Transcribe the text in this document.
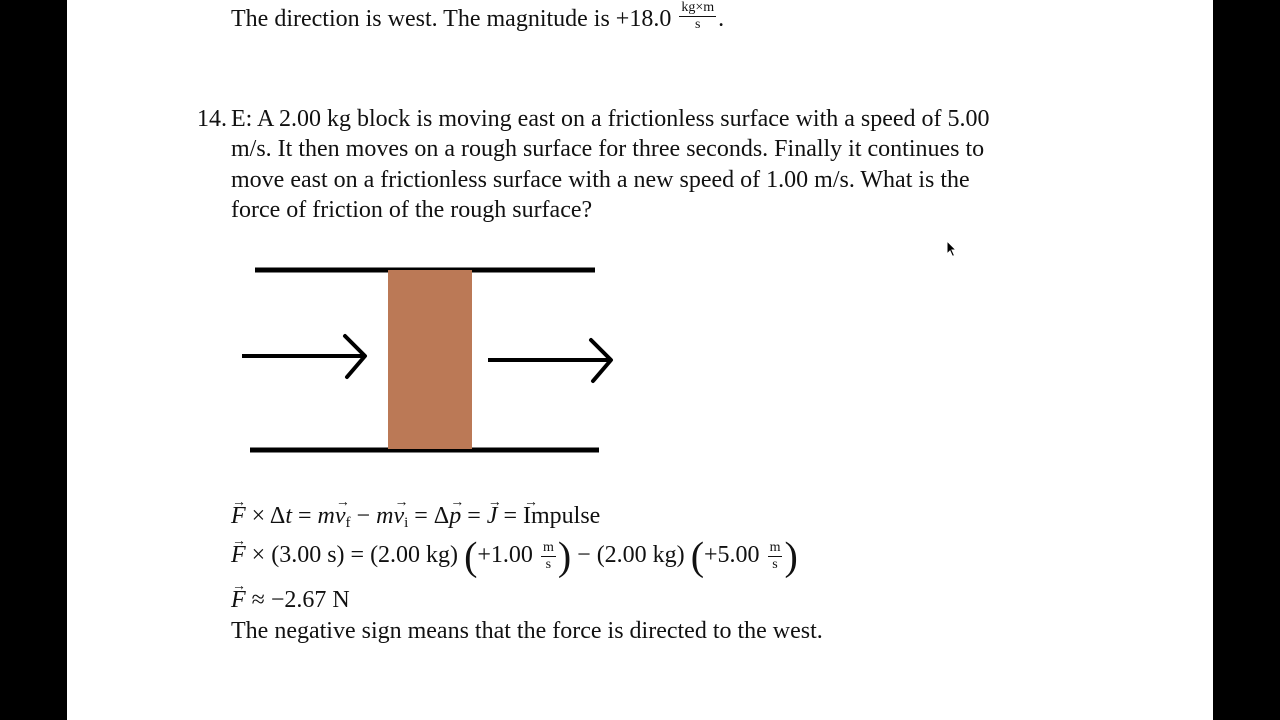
The direction is west. The magnitude is $+18.0 \frac{kg\times m}{s}$ .
14. E: A 2.00 kg block is moving east on a frictionless surface with a speed of 5.00
m/s. It then moves on a rough surface for three seconds. Finally it continues to
move east on a frictionless surface with a new speed of 1.00 m/s. What is the
force of friction of the rough surface?
→ $F \times \Delta t = m\to v_f - m\to v_i = \Delta\to p$ = → J = → Impulse
→ F × (3.00 s) = (2.00 kg) ($+1.00 \frac{m}{s}$ ) − (2.00 kg) ($+5.00 \frac{m}{s}$ )
→ F ≈ −2.67 N
The negative sign means that the force is directed to the west.
